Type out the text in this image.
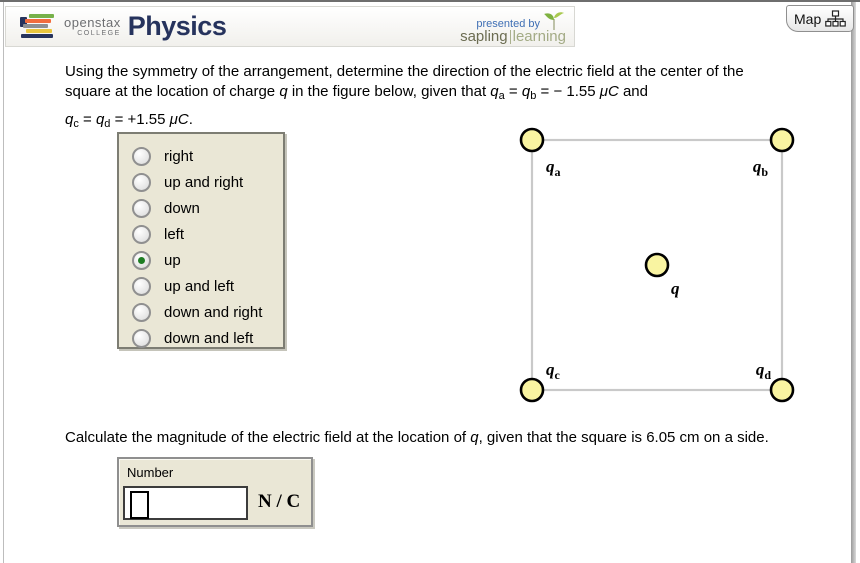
openstax
COLLEGE Physics	presented by
sapling learning
Map
Using the symmetry of the arrangement, determine the direction of the electric field at the center of the
square at the location of charge q in the figure below, given that $q_a = q_b$ = − 1.55 μC and
$q_c = q_d = +1.55$ μC.
right
up and right
down
left
up
up and left
down and right
down and left
$q_a$	$q_b$
$q_c$	$q_d$
q
Calculate the magnitude of the electric field at the location of q, given that the square is 6.05 cm on a side.
Number
N / C
